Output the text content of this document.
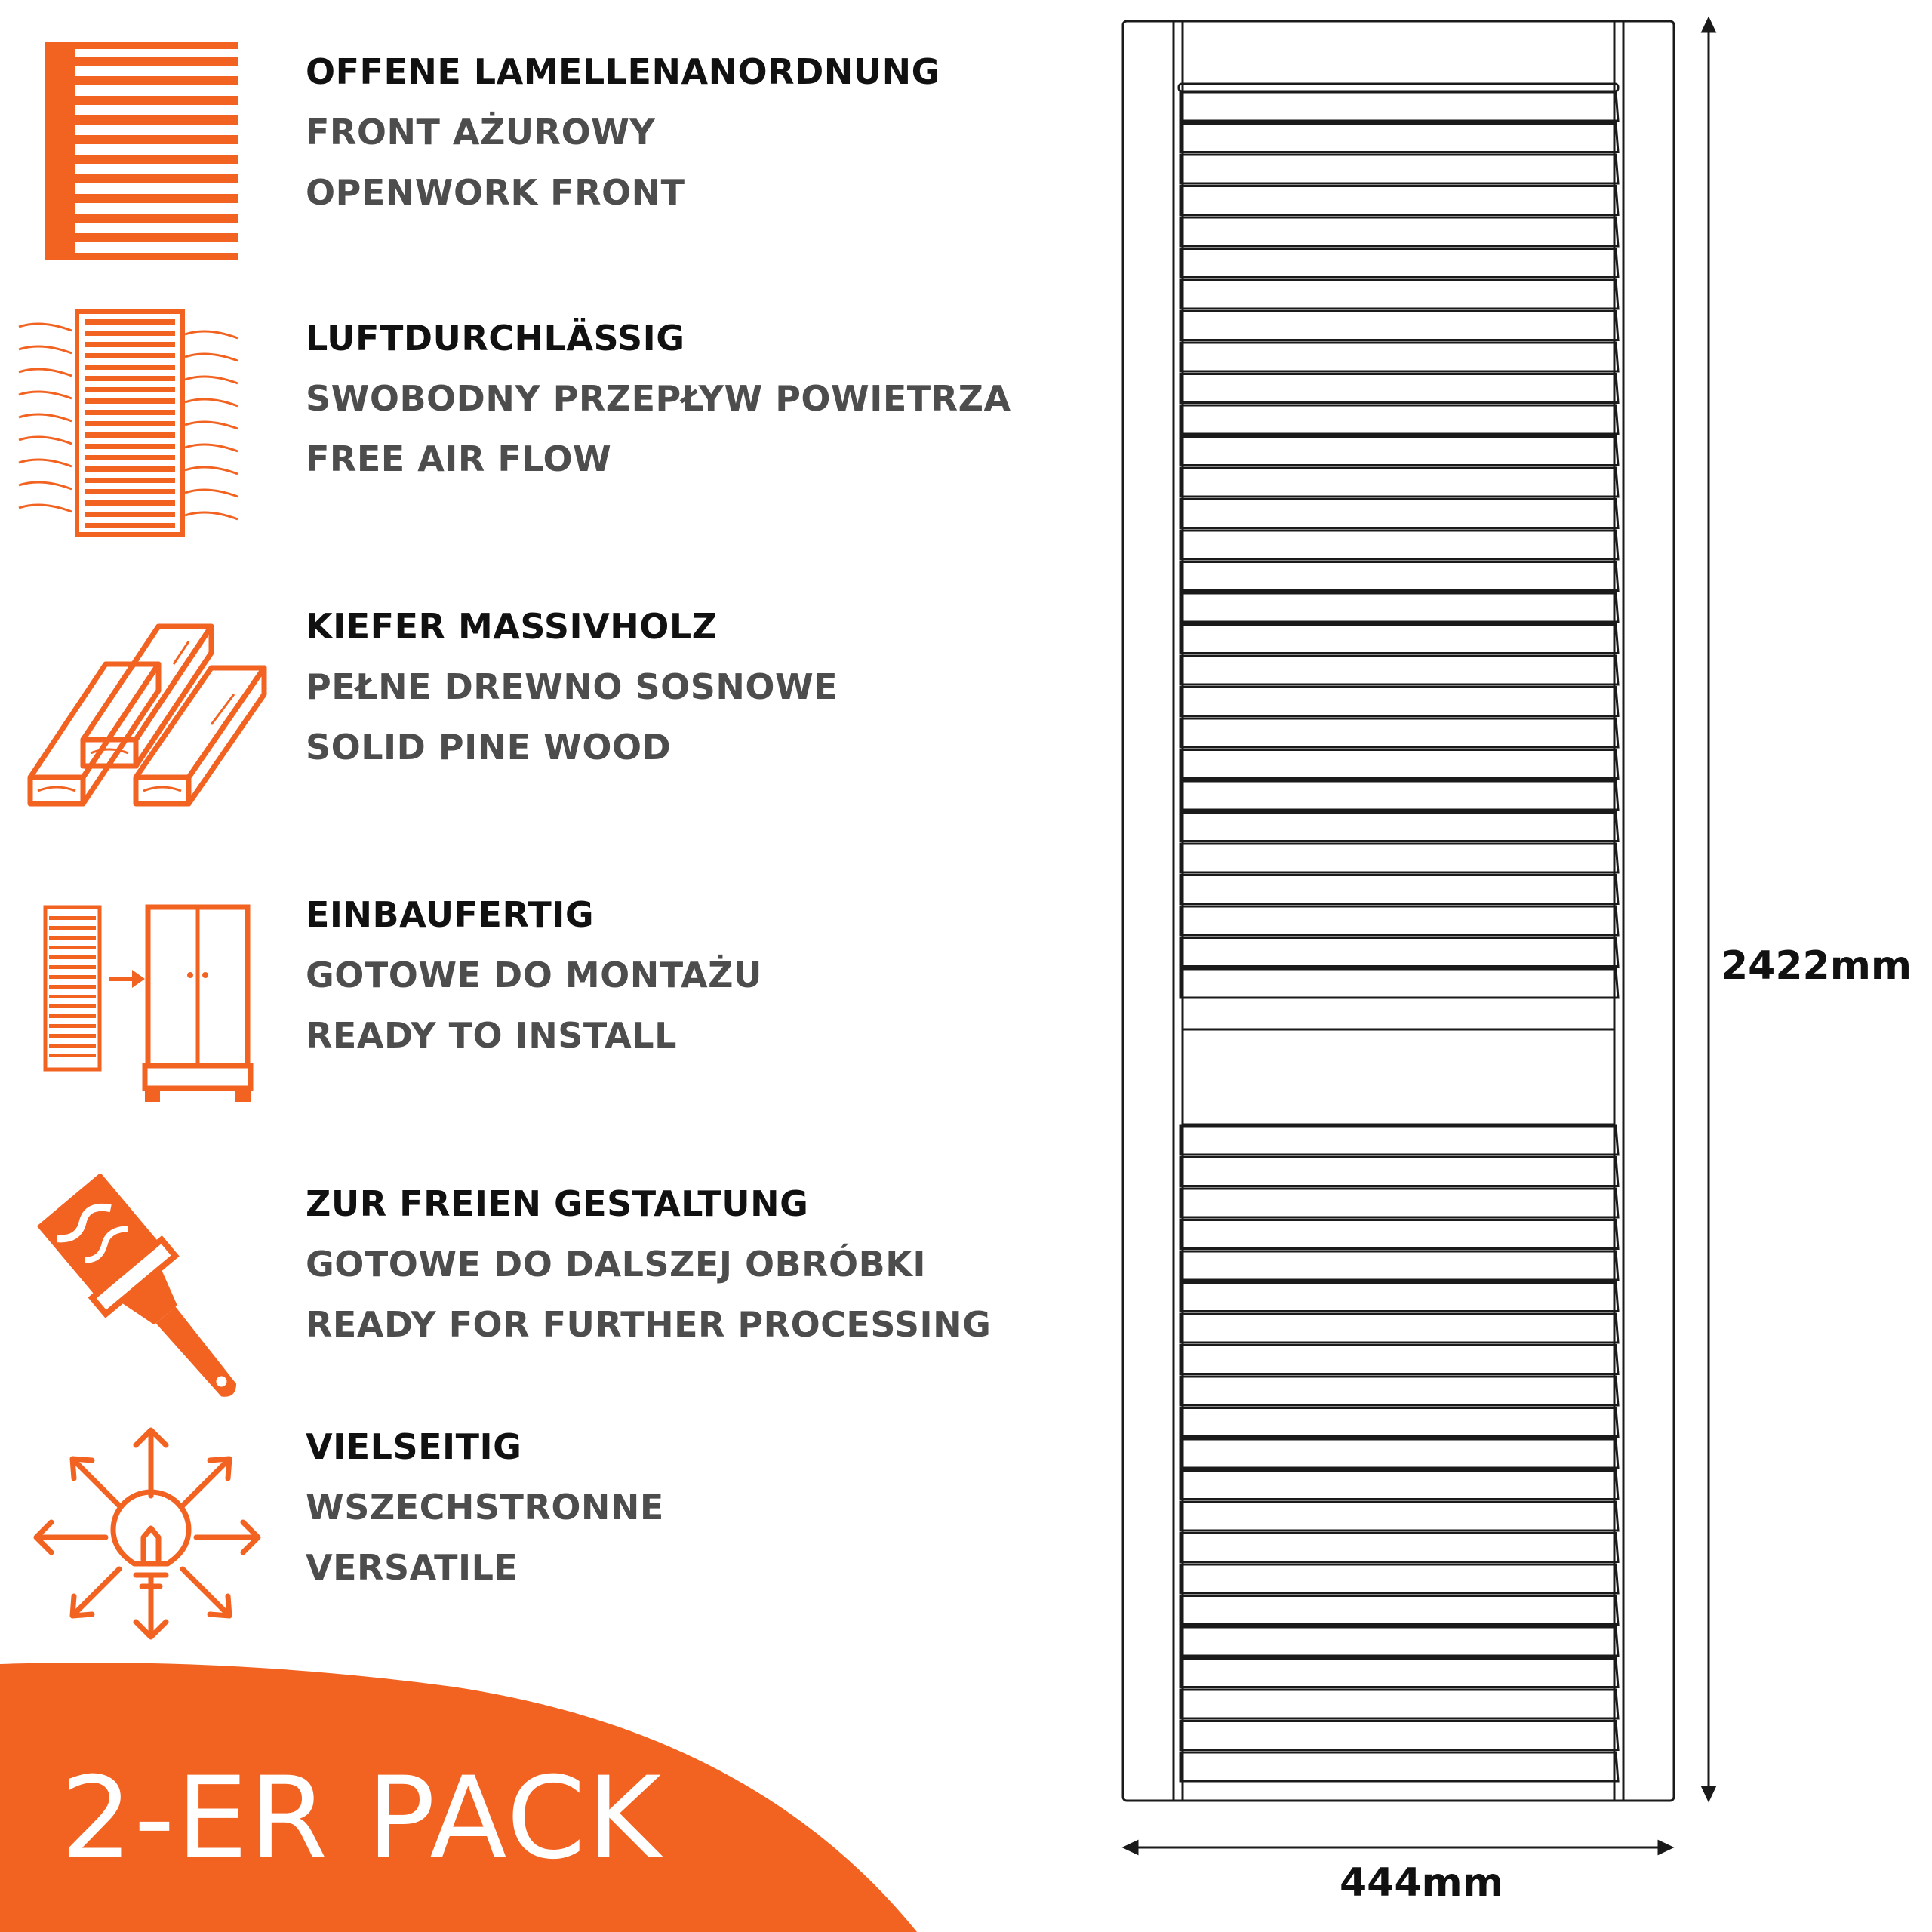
OFFENE LAMELLENANORDNUNG
FRONT AŻUROWY
OPENWORK FRONT
LUFTDURCHLÄSSIG
SWOBODNY PRZEPŁYW POWIETRZA
FREE AIR FLOW
KIEFER MASSIVHOLZ
PEŁNE DREWNO SOSNOWE
SOLID PINE WOOD
EINBAUFERTIG
GOTOWE DO MONTAŻU
READY TO INSTALL
ZUR FREIEN GESTALTUNG
GOTOWE DO DALSZEJ OBRÓBKI
READY FOR FURTHER PROCESSING
VIELSEITIG
WSZECHSTRONNE
VERSATILE
2-ER PACK
2422mm
444mm
